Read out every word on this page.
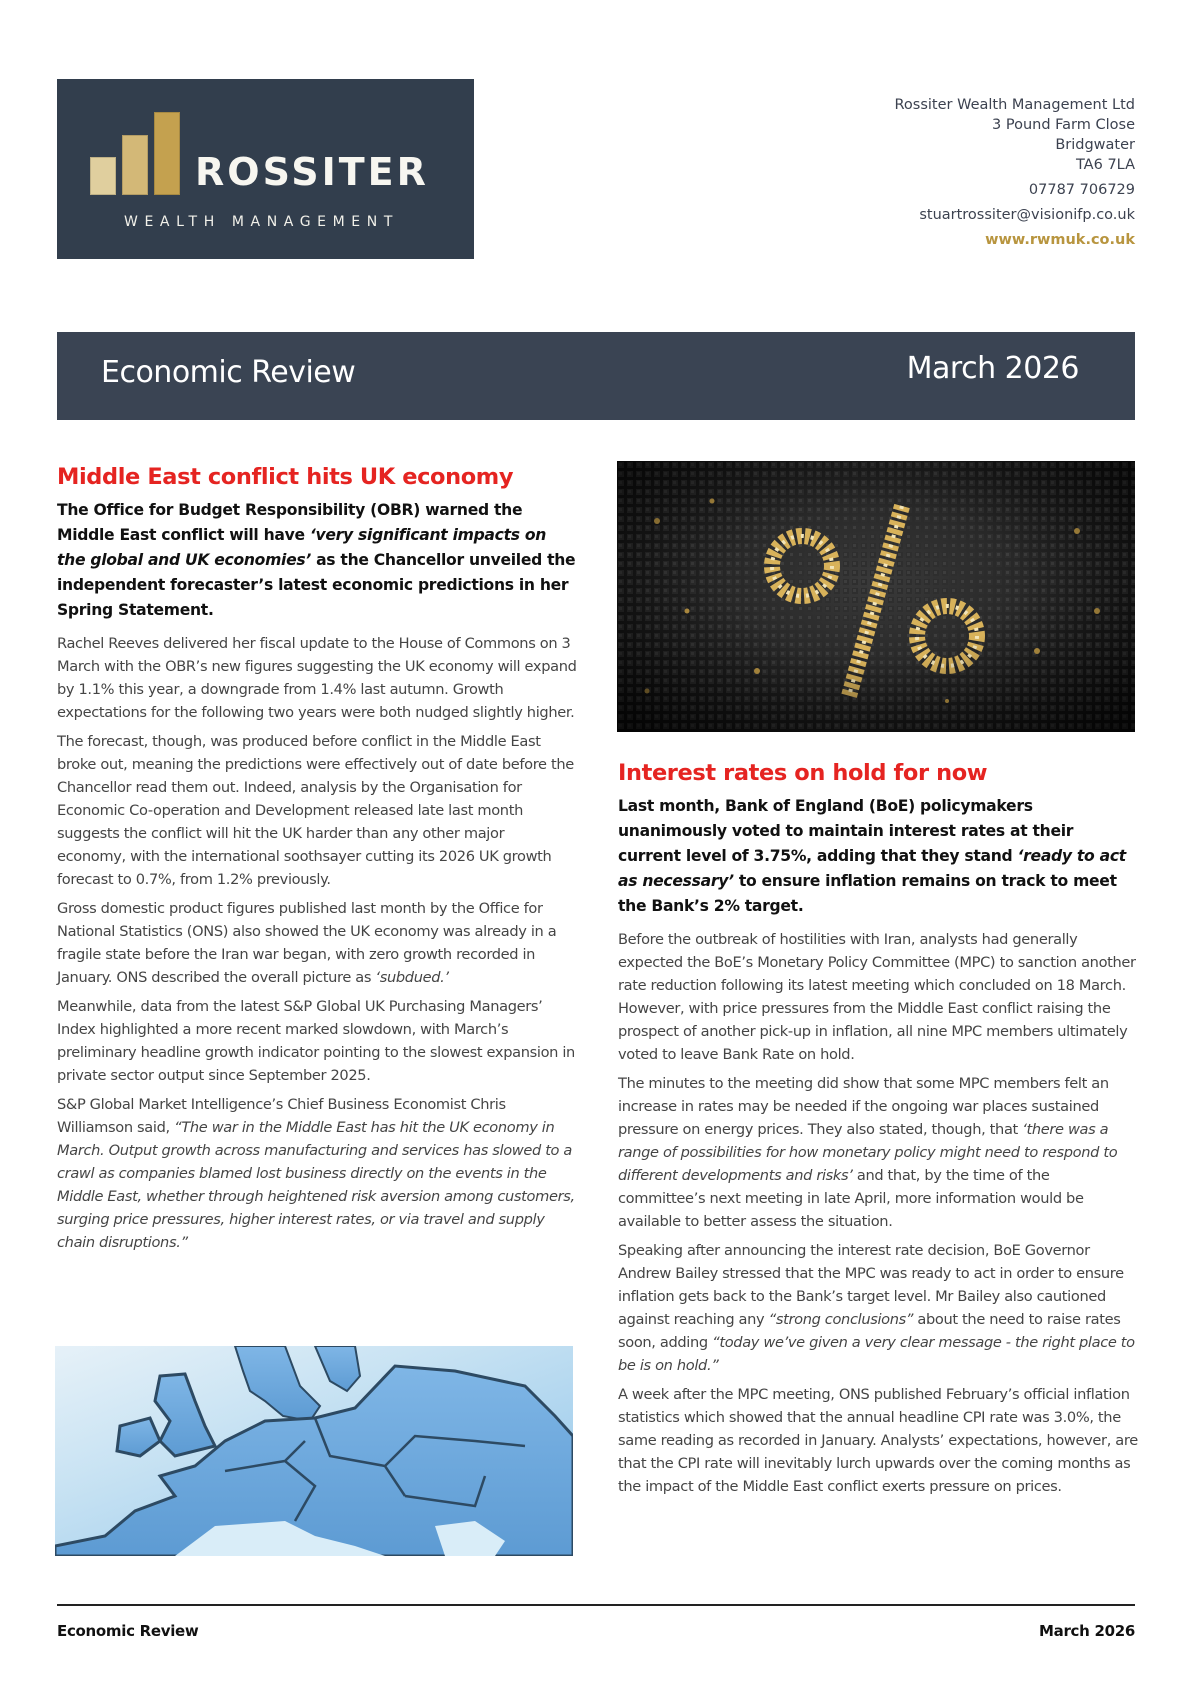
ROSSITER
WEALTH MANAGEMENT
Rossiter Wealth Management Ltd
3 Pound Farm Close
Bridgwater
TA6 7LA
07787 706729
stuartrossiter@visionifp.co.uk
www.rwmuk.co.uk
Economic Review	March 2026
Middle East conflict hits UK economy

The Office for Budget Responsibility (OBR) warned the Middle East conflict will have ‘very significant impacts on the global and UK economies’ as the Chancellor unveiled the independent forecaster’s latest economic predictions in her Spring Statement.

Rachel Reeves delivered her fiscal update to the House of Commons on 3 March with the OBR’s new figures suggesting the UK economy will expand by 1.1% this year, a downgrade from 1.4% last autumn. Growth expectations for the following two years were both nudged slightly higher.

The forecast, though, was produced before conflict in the Middle East broke out, meaning the predictions were effectively out of date before the Chancellor read them out. Indeed, analysis by the Organisation for Economic Co-operation and Development released late last month suggests the conflict will hit the UK harder than any other major economy, with the international soothsayer cutting its 2026 UK growth forecast to 0.7%, from 1.2% previously.

Gross domestic product figures published last month by the Office for National Statistics (ONS) also showed the UK economy was already in a fragile state before the Iran war began, with zero growth recorded in January. ONS described the overall picture as ‘subdued.’

Meanwhile, data from the latest S&P Global UK Purchasing Managers’ Index highlighted a more recent marked slowdown, with March’s preliminary headline growth indicator pointing to the slowest expansion in private sector output since September 2025.

S&P Global Market Intelligence’s Chief Business Economist Chris Williamson said, “The war in the Middle East has hit the UK economy in March. Output growth across manufacturing and services has slowed to a crawl as companies blamed lost business directly on the events in the Middle East, whether through heightened risk aversion among customers, surging price pressures, higher interest rates, or via travel and supply chain disruptions.”

Interest rates on hold for now

Last month, Bank of England (BoE) policymakers unanimously voted to maintain interest rates at their current level of 3.75%, adding that they stand ‘ready to act as necessary’ to ensure inflation remains on track to meet the Bank’s 2% target.

Before the outbreak of hostilities with Iran, analysts had generally expected the BoE’s Monetary Policy Committee (MPC) to sanction another rate reduction following its latest meeting which concluded on 18 March. However, with price pressures from the Middle East conflict raising the prospect of another pick-up in inflation, all nine MPC members ultimately voted to leave Bank Rate on hold.

The minutes to the meeting did show that some MPC members felt an increase in rates may be needed if the ongoing war places sustained pressure on energy prices. They also stated, though, that ‘there was a range of possibilities for how monetary policy might need to respond to different developments and risks’ and that, by the time of the committee’s next meeting in late April, more information would be available to better assess the situation.

Speaking after announcing the interest rate decision, BoE Governor Andrew Bailey stressed that the MPC was ready to act in order to ensure inflation gets back to the Bank’s target level. Mr Bailey also cautioned against reaching any “strong conclusions” about the need to raise rates soon, adding “today we’ve given a very clear message - the right place to be is on hold.”

A week after the MPC meeting, ONS published February’s official inflation statistics which showed that the annual headline CPI rate was 3.0%, the same reading as recorded in January. Analysts’ expectations, however, are that the CPI rate will inevitably lurch upwards over the coming months as the impact of the Middle East conflict exerts pressure on prices.

Economic Review	March 2026
